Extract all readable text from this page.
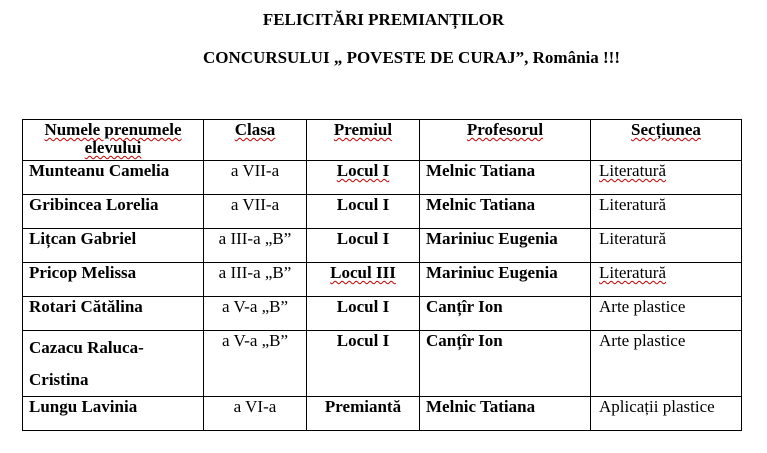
FELICITĂRI PREMIANȚILOR
CONCURSULUI „ POVESTE DE CURAJ”, România !!!
Numele prenumele elevului	Clasa	Premiul	Profesorul	Secțiunea
Munteanu Camelia	a VII-a	Locul I	Melnic Tatiana	Literatură
Gribincea Lorelia	a VII-a	Locul I	Melnic Tatiana	Literatură
Lițcan Gabriel	a III-a „B”	Locul I	Mariniuc Eugenia	Literatură
Pricop Melissa	a III-a „B”	Locul III	Mariniuc Eugenia	Literatură
Rotari Cătălina	a V-a „B”	Locul I	Canțîr Ion	Arte plastice
Cazacu Raluca-Cristina	a V-a „B”	Locul I	Canțîr Ion	Arte plastice
Lungu Lavinia	a VI-a	Premiantă	Melnic Tatiana	Aplicații plastice
